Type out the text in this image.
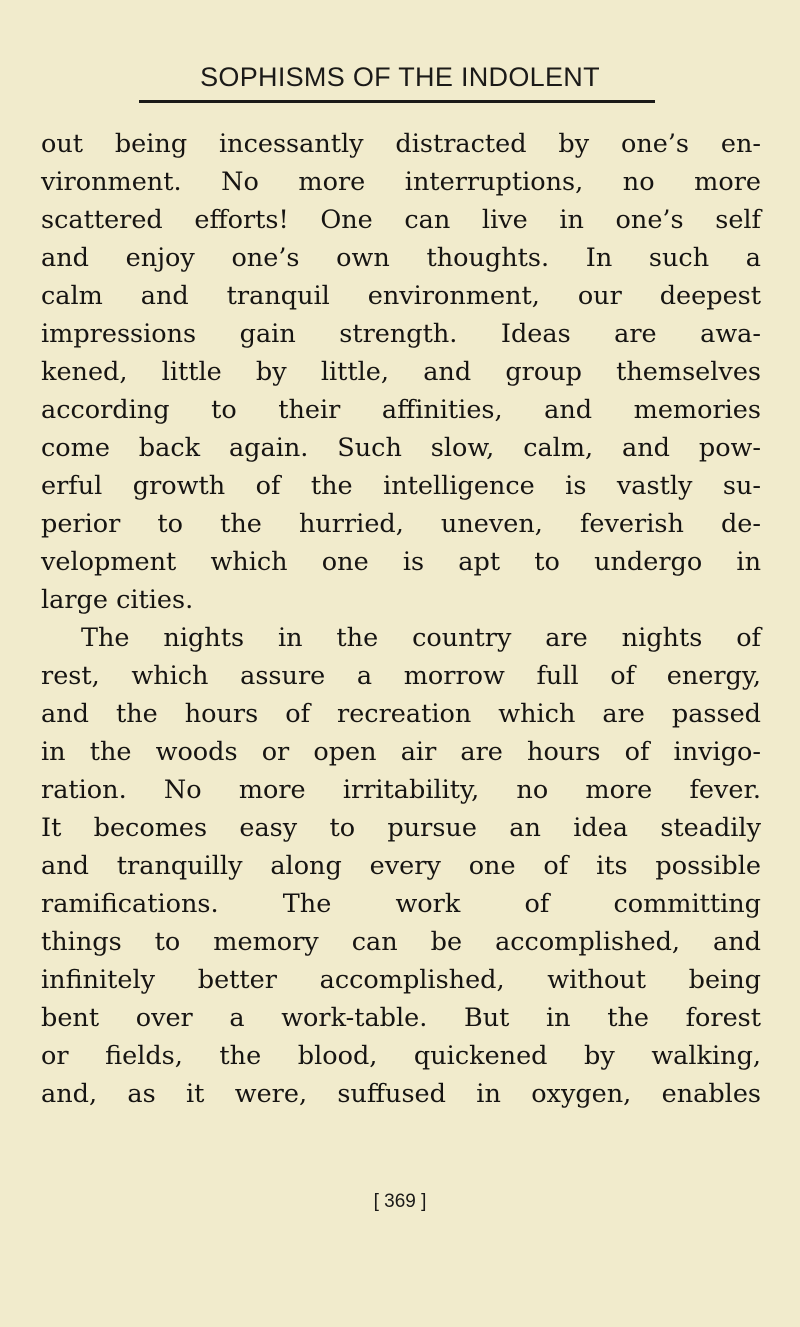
SOPHISMS OF THE INDOLENT
out being incessantly distracted by one’s en-
vironment. No more interruptions, no more
scattered efforts! One can live in one’s self
and enjoy one’s own thoughts. In such a
calm and tranquil environment, our deepest
impressions gain strength. Ideas are awa-
kened, little by little, and group themselves
according to their affinities, and memories
come back again. Such slow, calm, and pow-
erful growth of the intelligence is vastly su-
perior to the hurried, uneven, feverish de-
velopment which one is apt to undergo in
large cities.
The nights in the country are nights of
rest, which assure a morrow full of energy,
and the hours of recreation which are passed
in the woods or open air are hours of invigo-
ration. No more irritability, no more fever.
It becomes easy to pursue an idea steadily
and tranquilly along every one of its possible
ramifications. The work of committing
things to memory can be accomplished, and
infinitely better accomplished, without being
bent over a work-table. But in the forest
or fields, the blood, quickened by walking,
and, as it were, suffused in oxygen, enables
[ 369 ]
